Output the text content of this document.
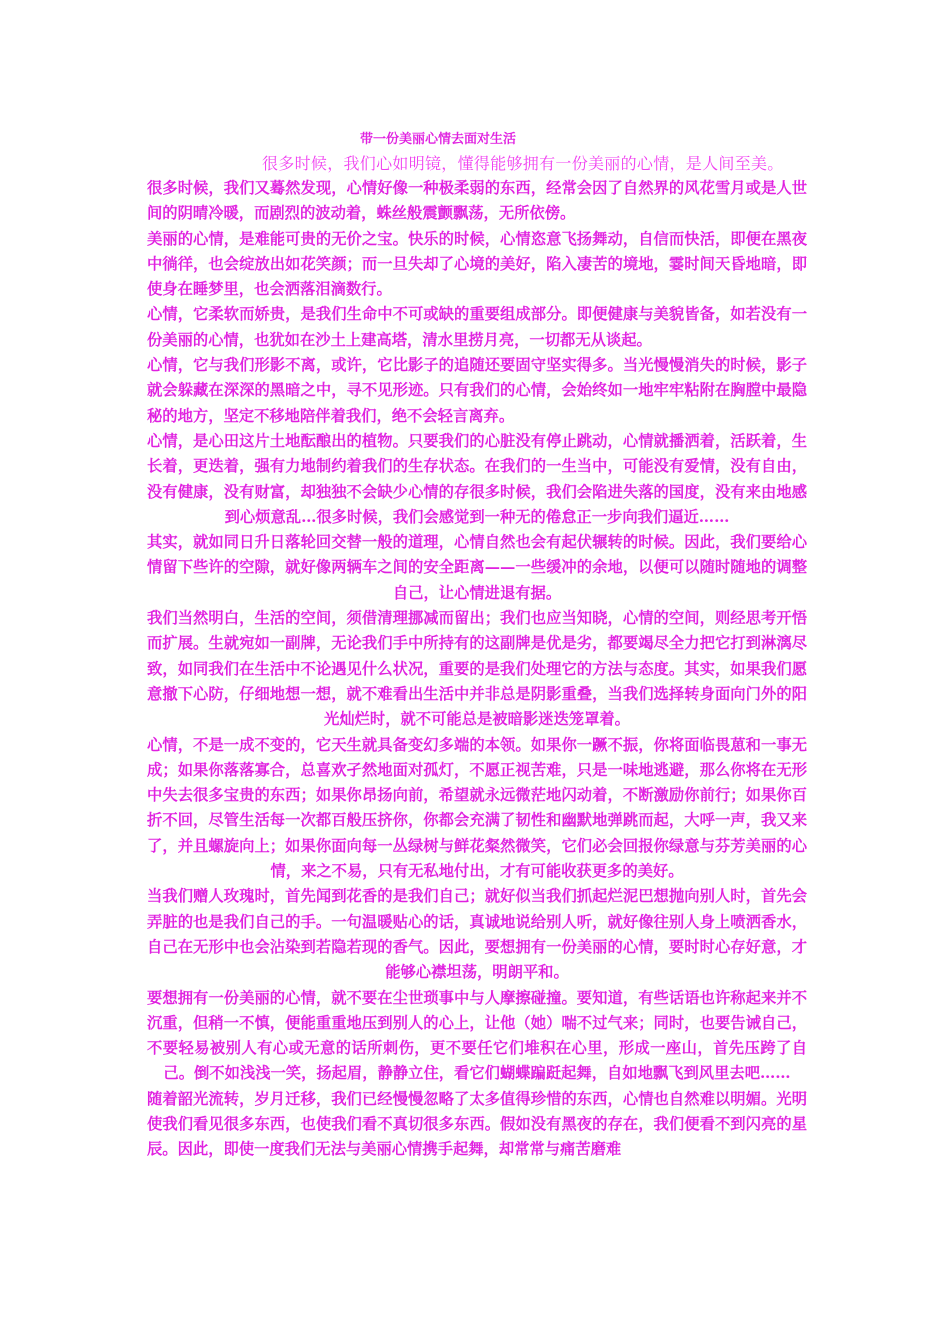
带一份美丽心情去面对生活
很多时候，我们心如明镜，懂得能够拥有一份美丽的心情，是人间至美。

很多时候，我们又蓦然发现，心情好像一种极柔弱的东西，经常会因了自然界的风花雪月或是人世间的阴晴冷暖，而剧烈的波动着，蛛丝般震颤飘荡，无所依傍。

美丽的心情，是难能可贵的无价之宝。快乐的时候，心情恣意飞扬舞动，自信而快活，即便在黑夜中徜徉，也会绽放出如花笑颜；而一旦失却了心境的美好，陷入凄苦的境地，霎时间天昏地暗，即使身在睡梦里，也会洒落泪滴数行。

心情，它柔软而娇贵，是我们生命中不可或缺的重要组成部分。即便健康与美貌皆备，如若没有一份美丽的心情，也犹如在沙土上建高塔，清水里捞月亮，一切都无从谈起。

心情，它与我们形影不离，或许，它比影子的追随还要固守坚实得多。当光慢慢消失的时候，影子就会躲藏在深深的黑暗之中，寻不见形迹。只有我们的心情，会始终如一地牢牢粘附在胸膛中最隐秘的地方，坚定不移地陪伴着我们，绝不会轻言离弃。

心情，是心田这片土地酝酿出的植物。只要我们的心脏没有停止跳动，心情就播洒着，活跃着，生长着，更迭着，强有力地制约着我们的生存状态。在我们的一生当中，可能没有爱情，没有自由，没有健康，没有财富，却独独不会缺少心情的存很多时候，我们会陷进失落的国度，没有来由地感到心烦意乱…很多时候，我们会感觉到一种无的倦怠正一步向我们逼近……

其实，就如同日升日落轮回交替一般的道理，心情自然也会有起伏辗转的时候。因此，我们要给心情留下些许的空隙，就好像两辆车之间的安全距离——一些缓冲的余地，以便可以随时随地的调整自己，让心情进退有据。

我们当然明白，生活的空间，须借清理挪减而留出；我们也应当知晓，心情的空间，则经思考开悟而扩展。生就宛如一副牌，无论我们手中所持有的这副牌是优是劣，都要竭尽全力把它打到淋漓尽致，如同我们在生活中不论遇见什么状况，重要的是我们处理它的方法与态度。其实，如果我们愿意撤下心防，仔细地想一想，就不难看出生活中并非总是阴影重叠，当我们选择转身面向门外的阳光灿烂时，就不可能总是被暗影迷迭笼罩着。

心情，不是一成不变的，它天生就具备变幻多端的本领。如果你一蹶不振，你将面临畏葸和一事无成；如果你落落寡合，总喜欢孑然地面对孤灯，不愿正视苦难，只是一味地逃避，那么你将在无形中失去很多宝贵的东西；如果你昂扬向前，希望就永远微茫地闪动着，不断激励你前行；如果你百折不回，尽管生活每一次都百般压挤你，你都会充满了韧性和幽默地弹跳而起，大呼一声，我又来了，并且螺旋向上；如果你面向每一丛绿树与鲜花粲然微笑，它们必会回报你绿意与芬芳美丽的心情，来之不易，只有无私地付出，才有可能收获更多的美好。

当我们赠人玫瑰时，首先闻到花香的是我们自己；就好似当我们抓起烂泥巴想抛向别人时，首先会弄脏的也是我们自己的手。一句温暖贴心的话，真诚地说给别人听，就好像往别人身上喷洒香水，自己在无形中也会沾染到若隐若现的香气。因此，要想拥有一份美丽的心情，要时时心存好意，才能够心襟坦荡，明朗平和。

要想拥有一份美丽的心情，就不要在尘世琐事中与人摩擦碰撞。要知道，有些话语也许称起来并不沉重，但稍一不慎，便能重重地压到别人的心上，让他（她）喘不过气来；同时，也要告诫自己，不要轻易被别人有心或无意的话所刺伤，更不要任它们堆积在心里，形成一座山，首先压跨了自己。倒不如浅浅一笑，扬起眉，静静立住，看它们蝴蝶蹁跹起舞，自如地飘飞到风里去吧……

随着韶光流转，岁月迁移，我们已经慢慢忽略了太多值得珍惜的东西，心情也自然难以明媚。光明使我们看见很多东西，也使我们看不真切很多东西。假如没有黑夜的存在，我们便看不到闪亮的星辰。因此，即使一度我们无法与美丽心情携手起舞，却常常与痛苦磨难
